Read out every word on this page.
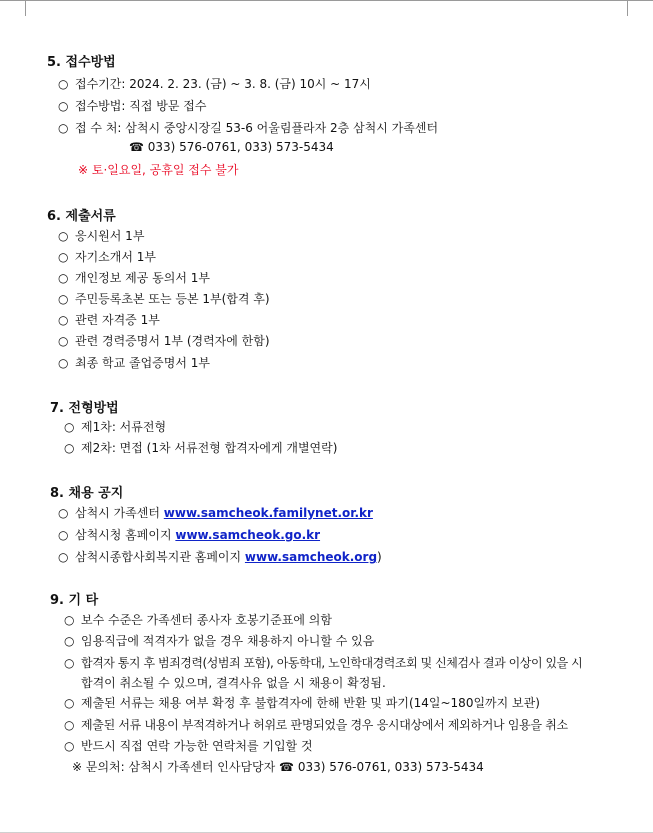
5. 접수방법
○ 접수기간: 2024. 2. 23. (금) ~ 3. 8. (금) 10시 ~ 17시
○ 접수방법: 직접 방문 접수
○ 접 수 처: 삼척시 중앙시장길 53-6 어울림플라자 2층 삼척시 가족센터
☎ 033) 576-0761, 033) 573-5434
※ 토·일요일, 공휴일 접수 불가
6. 제출서류
○ 응시원서 1부
○ 자기소개서 1부
○ 개인정보 제공 동의서 1부
○ 주민등록초본 또는 등본 1부(합격 후)
○ 관련 자격증 1부
○ 관련 경력증명서 1부 (경력자에 한함)
○ 최종 학교 졸업증명서 1부
7. 전형방법
○ 제1차: 서류전형
○ 제2차: 면접 (1차 서류전형 합격자에게 개별연락)
8. 채용 공지
○ 삼척시 가족센터 www.samcheok.familynet.or.kr
○ 삼척시청 홈페이지 www.samcheok.go.kr
○ 삼척시종합사회복지관 홈페이지 www.samcheok.org)
9. 기 타
○ 보수 수준은 가족센터 종사자 호봉기준표에 의함
○ 임용직급에 적격자가 없을 경우 채용하지 아니할 수 있음
○ 합격자 통지 후 범죄경력(성범죄 포함), 아동학대, 노인학대경력조회 및 신체검사 결과 이상이 있을 시
합격이 취소될 수 있으며, 결격사유 없을 시 채용이 확정됨.
○ 제출된 서류는 채용 여부 확정 후 불합격자에 한해 반환 및 파기(14일~180일까지 보관)
○ 제출된 서류 내용이 부적격하거나 허위로 판명되었을 경우 응시대상에서 제외하거나 임용을 취소
○ 반드시 직접 연락 가능한 연락처를 기입할 것
※ 문의처: 삼척시 가족센터 인사담당자 ☎ 033) 576-0761, 033) 573-5434
